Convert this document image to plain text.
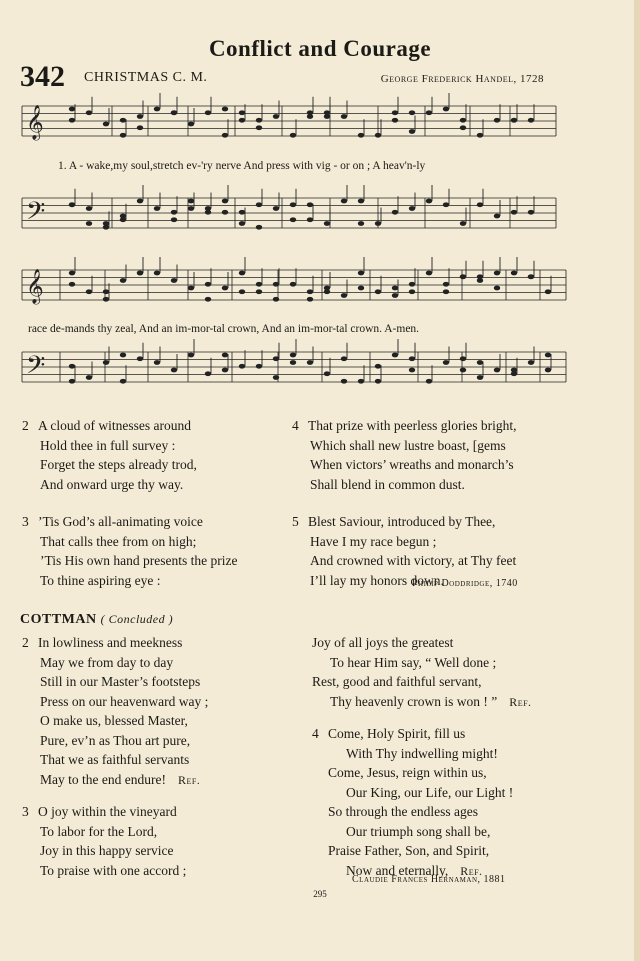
Conflict and Courage
342 CHRISTMAS C. M.	George Frederick Handel, 1728
𝄞
𝄢
𝄞
𝄢
1. A - wake,my soul,stretch ev-'ry nerve And press with vig - or on ; A heav'n-ly
race de-mands thy zeal, And an im-mor-tal crown, And an im-mor-tal crown. A-men.
2 A cloud of witnesses around
Hold thee in full survey :
Forget the steps already trod,
And onward urge thy way.
3 ’Tis God’s all-animating voice
That calls thee from on high;
’Tis His own hand presents the prize
To thine aspiring eye :
4 That prize with peerless glories bright,
Which shall new lustre boast, [gems
When victors’ wreaths and monarch’s
Shall blend in common dust.
5 Blest Saviour, introduced by Thee,
Have I my race begun ;
And crowned with victory, at Thy feet
I’ll lay my honors down.
Philip Doddridge, 1740
COTTMAN ( Concluded )
2 In lowliness and meekness
May we from day to day
Still in our Master’s footsteps
Press on our heavenward way ;
O make us, blessed Master,
Pure, ev’n as Thou art pure,
That we as faithful servants
May to the end endure! Ref.
3 O joy within the vineyard
To labor for the Lord,
Joy in this happy service
To praise with one accord ;
Joy of all joys the greatest
To hear Him say, “ Well done ;
Rest, good and faithful servant,
Thy heavenly crown is won ! ” Ref.
4 Come, Holy Spirit, fill us
With Thy indwelling might!
Come, Jesus, reign within us,
Our King, our Life, our Light !
So through the endless ages
Our triumph song shall be,
Praise Father, Son, and Spirit,
Now and eternally, Ref.
Claudie Frances Hernaman, 1881
295
